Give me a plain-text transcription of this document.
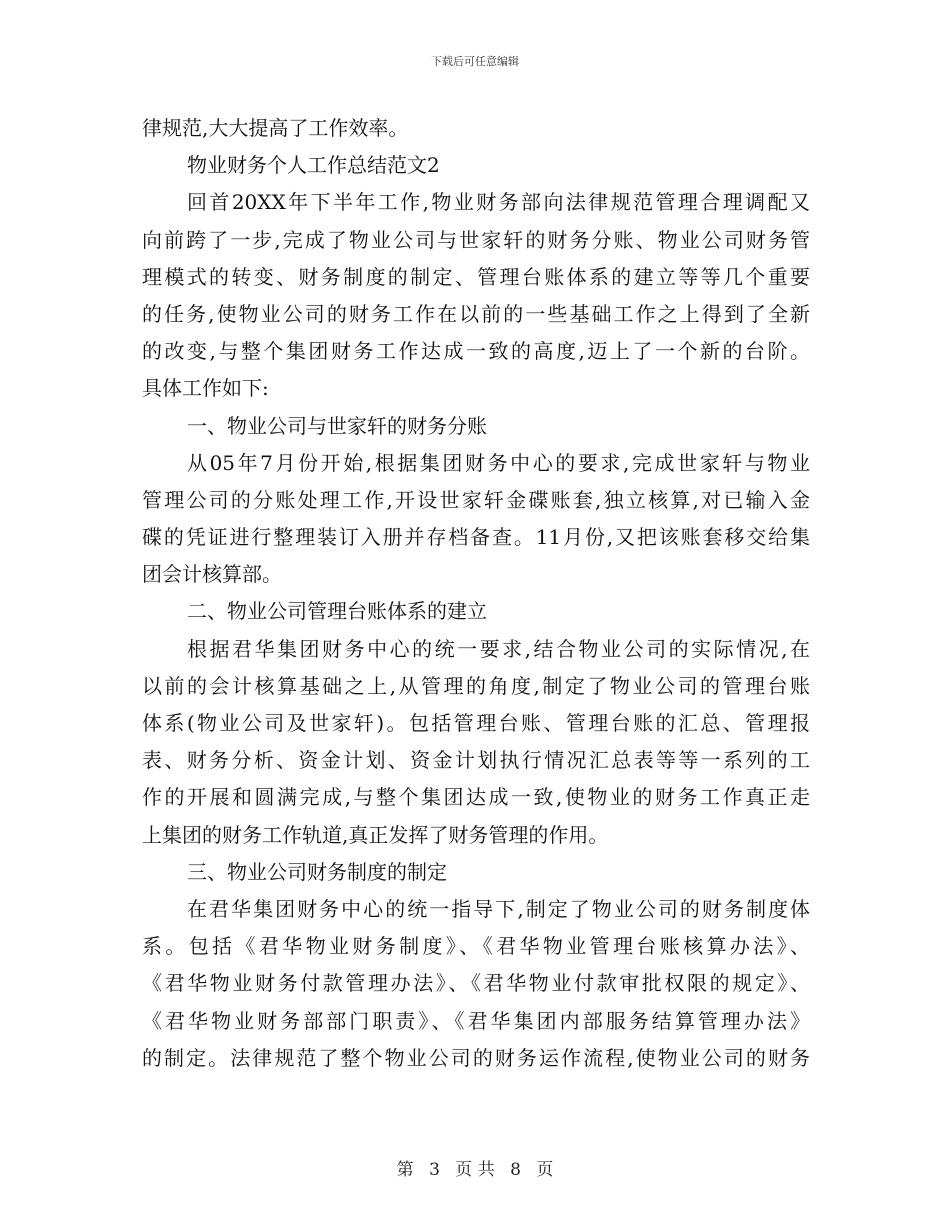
下载后可任意编辑
律规范,大大提高了工作效率。
物业财务个人工作总结范文2
回首20XX年下半年工作,物业财务部向法律规范管理合理调配又
向前跨了一步,完成了物业公司与世家轩的财务分账、物业公司财务管
理模式的转变、财务制度的制定、管理台账体系的建立等等几个重要
的任务,使物业公司的财务工作在以前的一些基础工作之上得到了全新
的改变,与整个集团财务工作达成一致的高度,迈上了一个新的台阶。
具体工作如下:
一、物业公司与世家轩的财务分账
从05年7月份开始,根据集团财务中心的要求,完成世家轩与物业
管理公司的分账处理工作,开设世家轩金碟账套,独立核算,对已输入金
碟的凭证进行整理装订入册并存档备查。11月份,又把该账套移交给集
团会计核算部。
二、物业公司管理台账体系的建立
根据君华集团财务中心的统一要求,结合物业公司的实际情况,在
以前的会计核算基础之上,从管理的角度,制定了物业公司的管理台账
体系(物业公司及世家轩)。包括管理台账、管理台账的汇总、管理报
表、财务分析、资金计划、资金计划执行情况汇总表等等一系列的工
作的开展和圆满完成,与整个集团达成一致,使物业的财务工作真正走
上集团的财务工作轨道,真正发挥了财务管理的作用。
三、物业公司财务制度的制定
在君华集团财务中心的统一指导下,制定了物业公司的财务制度体
系。包括《君华物业财务制度》、《君华物业管理台账核算办法》、
《君华物业财务付款管理办法》、《君华物业付款审批权限的规定》、
《君华物业财务部部门职责》、《君华集团内部服务结算管理办法》
的制定。法律规范了整个物业公司的财务运作流程,使物业公司的财务
第 3 页 共 8 页
